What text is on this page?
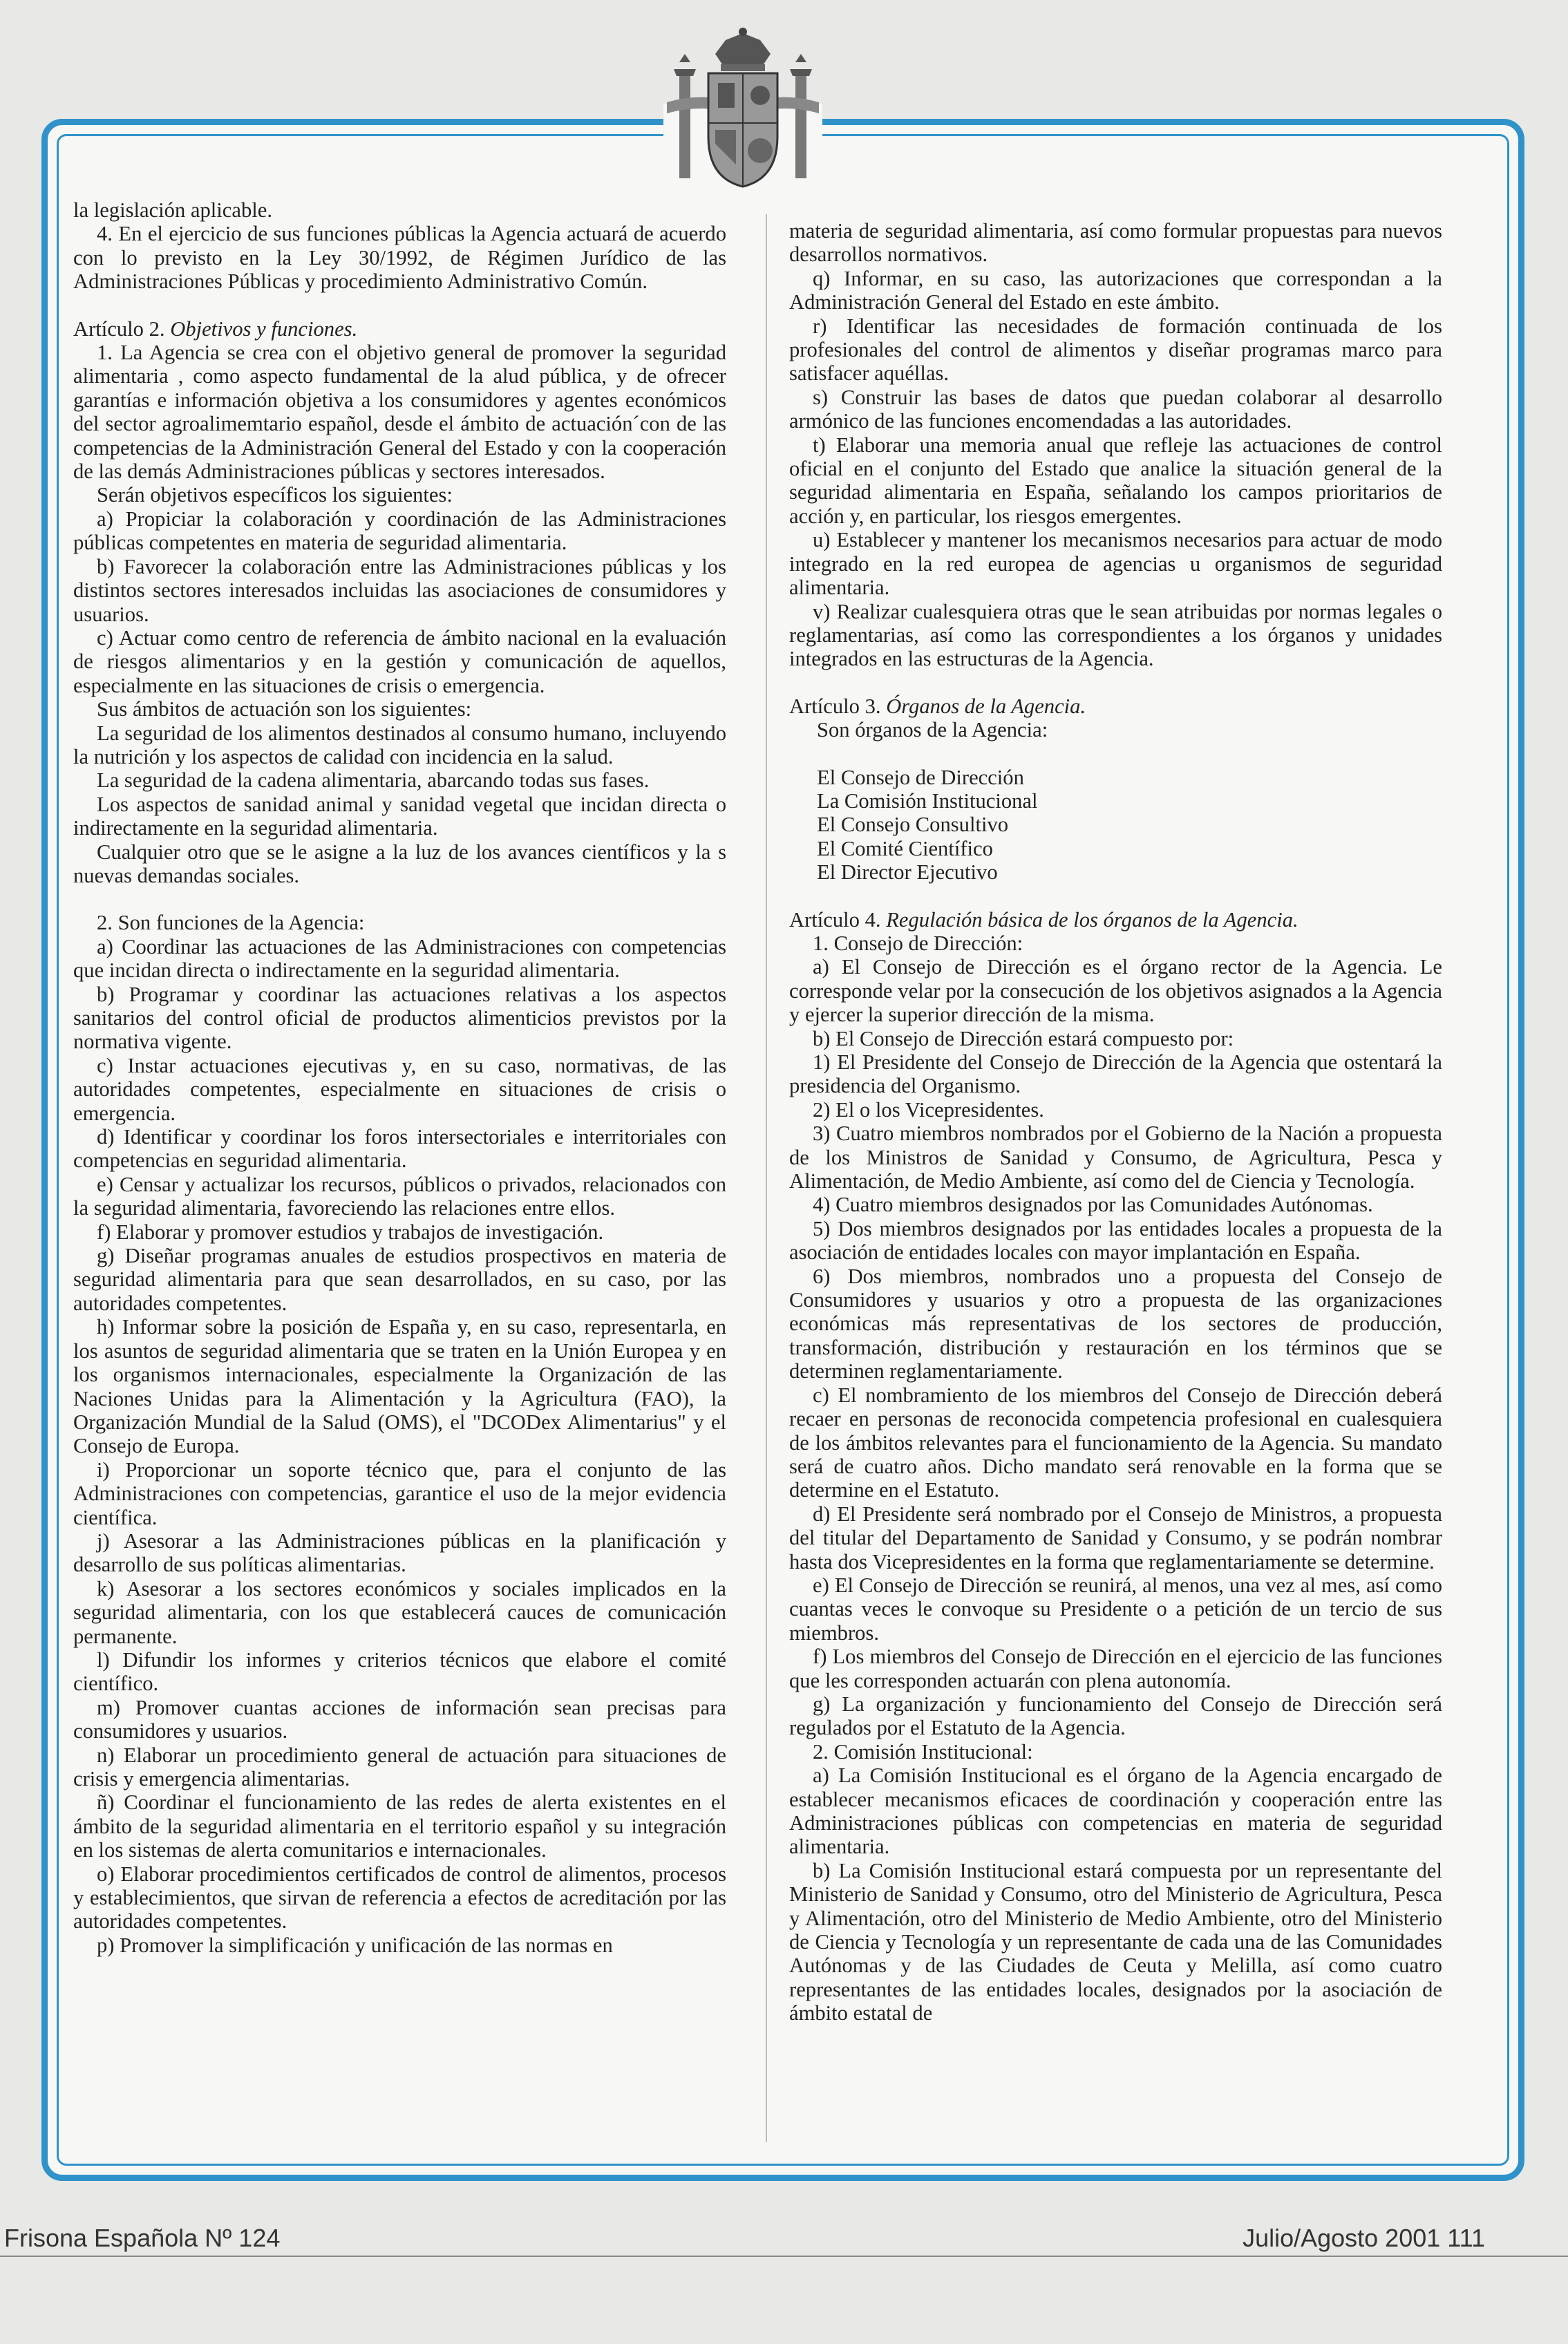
la legislación aplicable.

4. En el ejercicio de sus funciones públicas la Agencia actuará de acuerdo con lo previsto en la Ley 30/1992, de Régimen Jurídico de las Administraciones Públicas y procedimiento Administrativo Común.

Artículo 2. Objetivos y funciones.

1. La Agencia se crea con el objetivo general de promover la seguridad alimentaria , como aspecto fundamental de la alud pública, y de ofrecer garantías e información objetiva a los consumidores y agentes económicos del sector agroalimemtario español, desde el ámbito de actuación´con de las competencias de la Administración General del Estado y con la cooperación de las demás Administraciones públicas y sectores interesados.

Serán objetivos específicos los siguientes:

a) Propiciar la colaboración y coordinación de las Administraciones públicas competentes en materia de seguridad alimentaria.

b) Favorecer la colaboración entre las Administraciones públicas y los distintos sectores interesados incluidas las asociaciones de consumidores y usuarios.

c) Actuar como centro de referencia de ámbito nacional en la evaluación de riesgos alimentarios y en la gestión y comunicación de aquellos, especialmente en las situaciones de crisis o emergencia.

Sus ámbitos de actuación son los siguientes:

La seguridad de los alimentos destinados al consumo humano, incluyendo la nutrición y los aspectos de calidad con incidencia en la salud.

La seguridad de la cadena alimentaria, abarcando todas sus fases.

Los aspectos de sanidad animal y sanidad vegetal que incidan directa o indirectamente en la seguridad alimentaria.

Cualquier otro que se le asigne a la luz de los avances científicos y la s nuevas demandas sociales.

2. Son funciones de la Agencia:

a) Coordinar las actuaciones de las Administraciones con competencias que incidan directa o indirectamente en la seguridad alimentaria.

b) Programar y coordinar las actuaciones relativas a los aspectos sanitarios del control oficial de productos alimenticios previstos por la normativa vigente.

c) Instar actuaciones ejecutivas y, en su caso, normativas, de las autoridades competentes, especialmente en situaciones de crisis o emergencia.

d) Identificar y coordinar los foros intersectoriales e interritoriales con competencias en seguridad alimentaria.

e) Censar y actualizar los recursos, públicos o privados, relacionados con la seguridad alimentaria, favoreciendo las relaciones entre ellos.

f) Elaborar y promover estudios y trabajos de investigación.

g) Diseñar programas anuales de estudios prospectivos en materia de seguridad alimentaria para que sean desarrollados, en su caso, por las autoridades competentes.

h) Informar sobre la posición de España y, en su caso, representarla, en los asuntos de seguridad alimentaria que se traten en la Unión Europea y en los organismos internacionales, especialmente la Organización de las Naciones Unidas para la Alimentación y la Agricultura (FAO), la Organización Mundial de la Salud (OMS), el "DCODex Alimentarius" y el Consejo de Europa.

i) Proporcionar un soporte técnico que, para el conjunto de las Administraciones con competencias, garantice el uso de la mejor evidencia científica.

j) Asesorar a las Administraciones públicas en la planificación y desarrollo de sus políticas alimentarias.

k) Asesorar a los sectores económicos y sociales implicados en la seguridad alimentaria, con los que establecerá cauces de comunicación permanente.

l) Difundir los informes y criterios técnicos que elabore el comité científico.

m) Promover cuantas acciones de información sean precisas para consumidores y usuarios.

n) Elaborar un procedimiento general de actuación para situaciones de crisis y emergencia alimentarias.

ñ) Coordinar el funcionamiento de las redes de alerta existentes en el ámbito de la seguridad alimentaria en el territorio español y su integración en los sistemas de alerta comunitarios e internacionales.

o) Elaborar procedimientos certificados de control de alimentos, procesos y establecimientos, que sirvan de referencia a efectos de acreditación por las autoridades competentes.

p) Promover la simplificación y unificación de las normas en

materia de seguridad alimentaria, así como formular propuestas para nuevos desarrollos normativos.

q) Informar, en su caso, las autorizaciones que correspondan a la Administración General del Estado en este ámbito.

r) Identificar las necesidades de formación continuada de los profesionales del control de alimentos y diseñar programas marco para satisfacer aquéllas.

s) Construir las bases de datos que puedan colaborar al desarrollo armónico de las funciones encomendadas a las autoridades.

t) Elaborar una memoria anual que refleje las actuaciones de control oficial en el conjunto del Estado que analice la situación general de la seguridad alimentaria en España, señalando los campos prioritarios de acción y, en particular, los riesgos emergentes.

u) Establecer y mantener los mecanismos necesarios para actuar de modo integrado en la red europea de agencias u organismos de seguridad alimentaria.

v) Realizar cualesquiera otras que le sean atribuidas por normas legales o reglamentarias, así como las correspondientes a los órganos y unidades integrados en las estructuras de la Agencia.

Artículo 3. Órganos de la Agencia.

Son órganos de la Agencia:

El Consejo de Dirección

La Comisión Institucional

El Consejo Consultivo

El Comité Científico

El Director Ejecutivo

Artículo 4. Regulación básica de los órganos de la Agencia.

1. Consejo de Dirección:

a) El Consejo de Dirección es el órgano rector de la Agencia. Le corresponde velar por la consecución de los objetivos asignados a la Agencia y ejercer la superior dirección de la misma.

b) El Consejo de Dirección estará compuesto por:

1) El Presidente del Consejo de Dirección de la Agencia que ostentará la presidencia del Organismo.

2) El o los Vicepresidentes.

3) Cuatro miembros nombrados por el Gobierno de la Nación a propuesta de los Ministros de Sanidad y Consumo, de Agricultura, Pesca y Alimentación, de Medio Ambiente, así como del de Ciencia y Tecnología.

4) Cuatro miembros designados por las Comunidades Autónomas.

5) Dos miembros designados por las entidades locales a propuesta de la asociación de entidades locales con mayor implantación en España.

6) Dos miembros, nombrados uno a propuesta del Consejo de Consumidores y usuarios y otro a propuesta de las organizaciones económicas más representativas de los sectores de producción, transformación, distribución y restauración en los términos que se determinen reglamentariamente.

c) El nombramiento de los miembros del Consejo de Dirección deberá recaer en personas de reconocida competencia profesional en cualesquiera de los ámbitos relevantes para el funcionamiento de la Agencia. Su mandato será de cuatro años. Dicho mandato será renovable en la forma que se determine en el Estatuto.

d) El Presidente será nombrado por el Consejo de Ministros, a propuesta del titular del Departamento de Sanidad y Consumo, y se podrán nombrar hasta dos Vicepresidentes en la forma que reglamentariamente se determine.

e) El Consejo de Dirección se reunirá, al menos, una vez al mes, así como cuantas veces le convoque su Presidente o a petición de un tercio de sus miembros.

f) Los miembros del Consejo de Dirección en el ejercicio de las funciones que les corresponden actuarán con plena autonomía.

g) La organización y funcionamiento del Consejo de Dirección será regulados por el Estatuto de la Agencia.

2. Comisión Institucional:

a) La Comisión Institucional es el órgano de la Agencia encargado de establecer mecanismos eficaces de coordinación y cooperación entre las Administraciones públicas con competencias en materia de seguridad alimentaria.

b) La Comisión Institucional estará compuesta por un representante del Ministerio de Sanidad y Consumo, otro del Ministerio de Agricultura, Pesca y Alimentación, otro del Ministerio de Medio Ambiente, otro del Ministerio de Ciencia y Tecnología y un representante de cada una de las Comunidades Autónomas y de las Ciudades de Ceuta y Melilla, así como cuatro representantes de las entidades locales, designados por la asociación de ámbito estatal de

Frisona Española Nº 124	Julio/Agosto 2001 111
